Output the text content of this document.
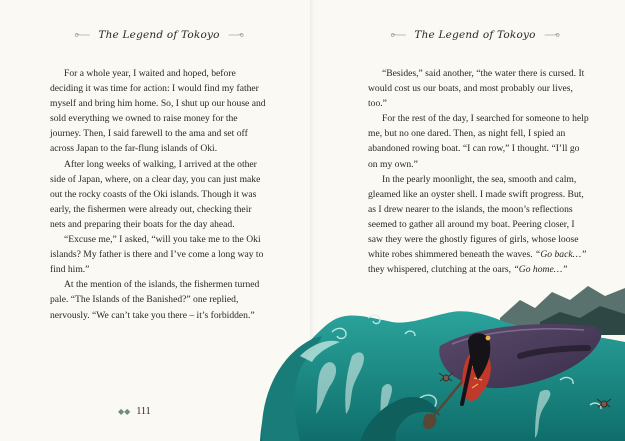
The Legend of Tokoyo

For a whole year, I waited and hoped, before deciding it was time for action: I would find my father myself and bring him home. So, I shut up our house and sold everything we owned to raise money for the journey. Then, I said farewell to the ama and set off across Japan to the far-flung islands of Oki.

After long weeks of walking, I arrived at the other side of Japan, where, on a clear day, you can just make out the rocky coasts of the Oki islands. Though it was early, the fishermen were already out, checking their nets and preparing their boats for the day ahead.

“Excuse me,” I asked, “will you take me to the Oki islands? My father is there and I’ve come a long way to find him.”

At the mention of the islands, the fishermen turned pale. “The Islands of the Banished?” one replied, nervously. “We can’t take you there – it’s forbidden.”

◆◆ 111
The Legend of Tokoyo

“Besides,” said another, “the water there is cursed. It would cost us our boats, and most probably our lives, too.”

For the rest of the day, I searched for someone to help me, but no one dared. Then, as night fell, I spied an abandoned rowing boat. “I can row,” I thought. “I’ll go on my own.”

In the pearly moonlight, the sea, smooth and calm, gleamed like an oyster shell. I made swift progress. But, as I drew nearer to the islands, the moon’s reflections seemed to gather all around my boat. Peering closer, I saw they were the ghostly figures of girls, whose loose white robes shimmered beneath the waves. “Go back…” they whispered, clutching at the oars, “Go home…”
